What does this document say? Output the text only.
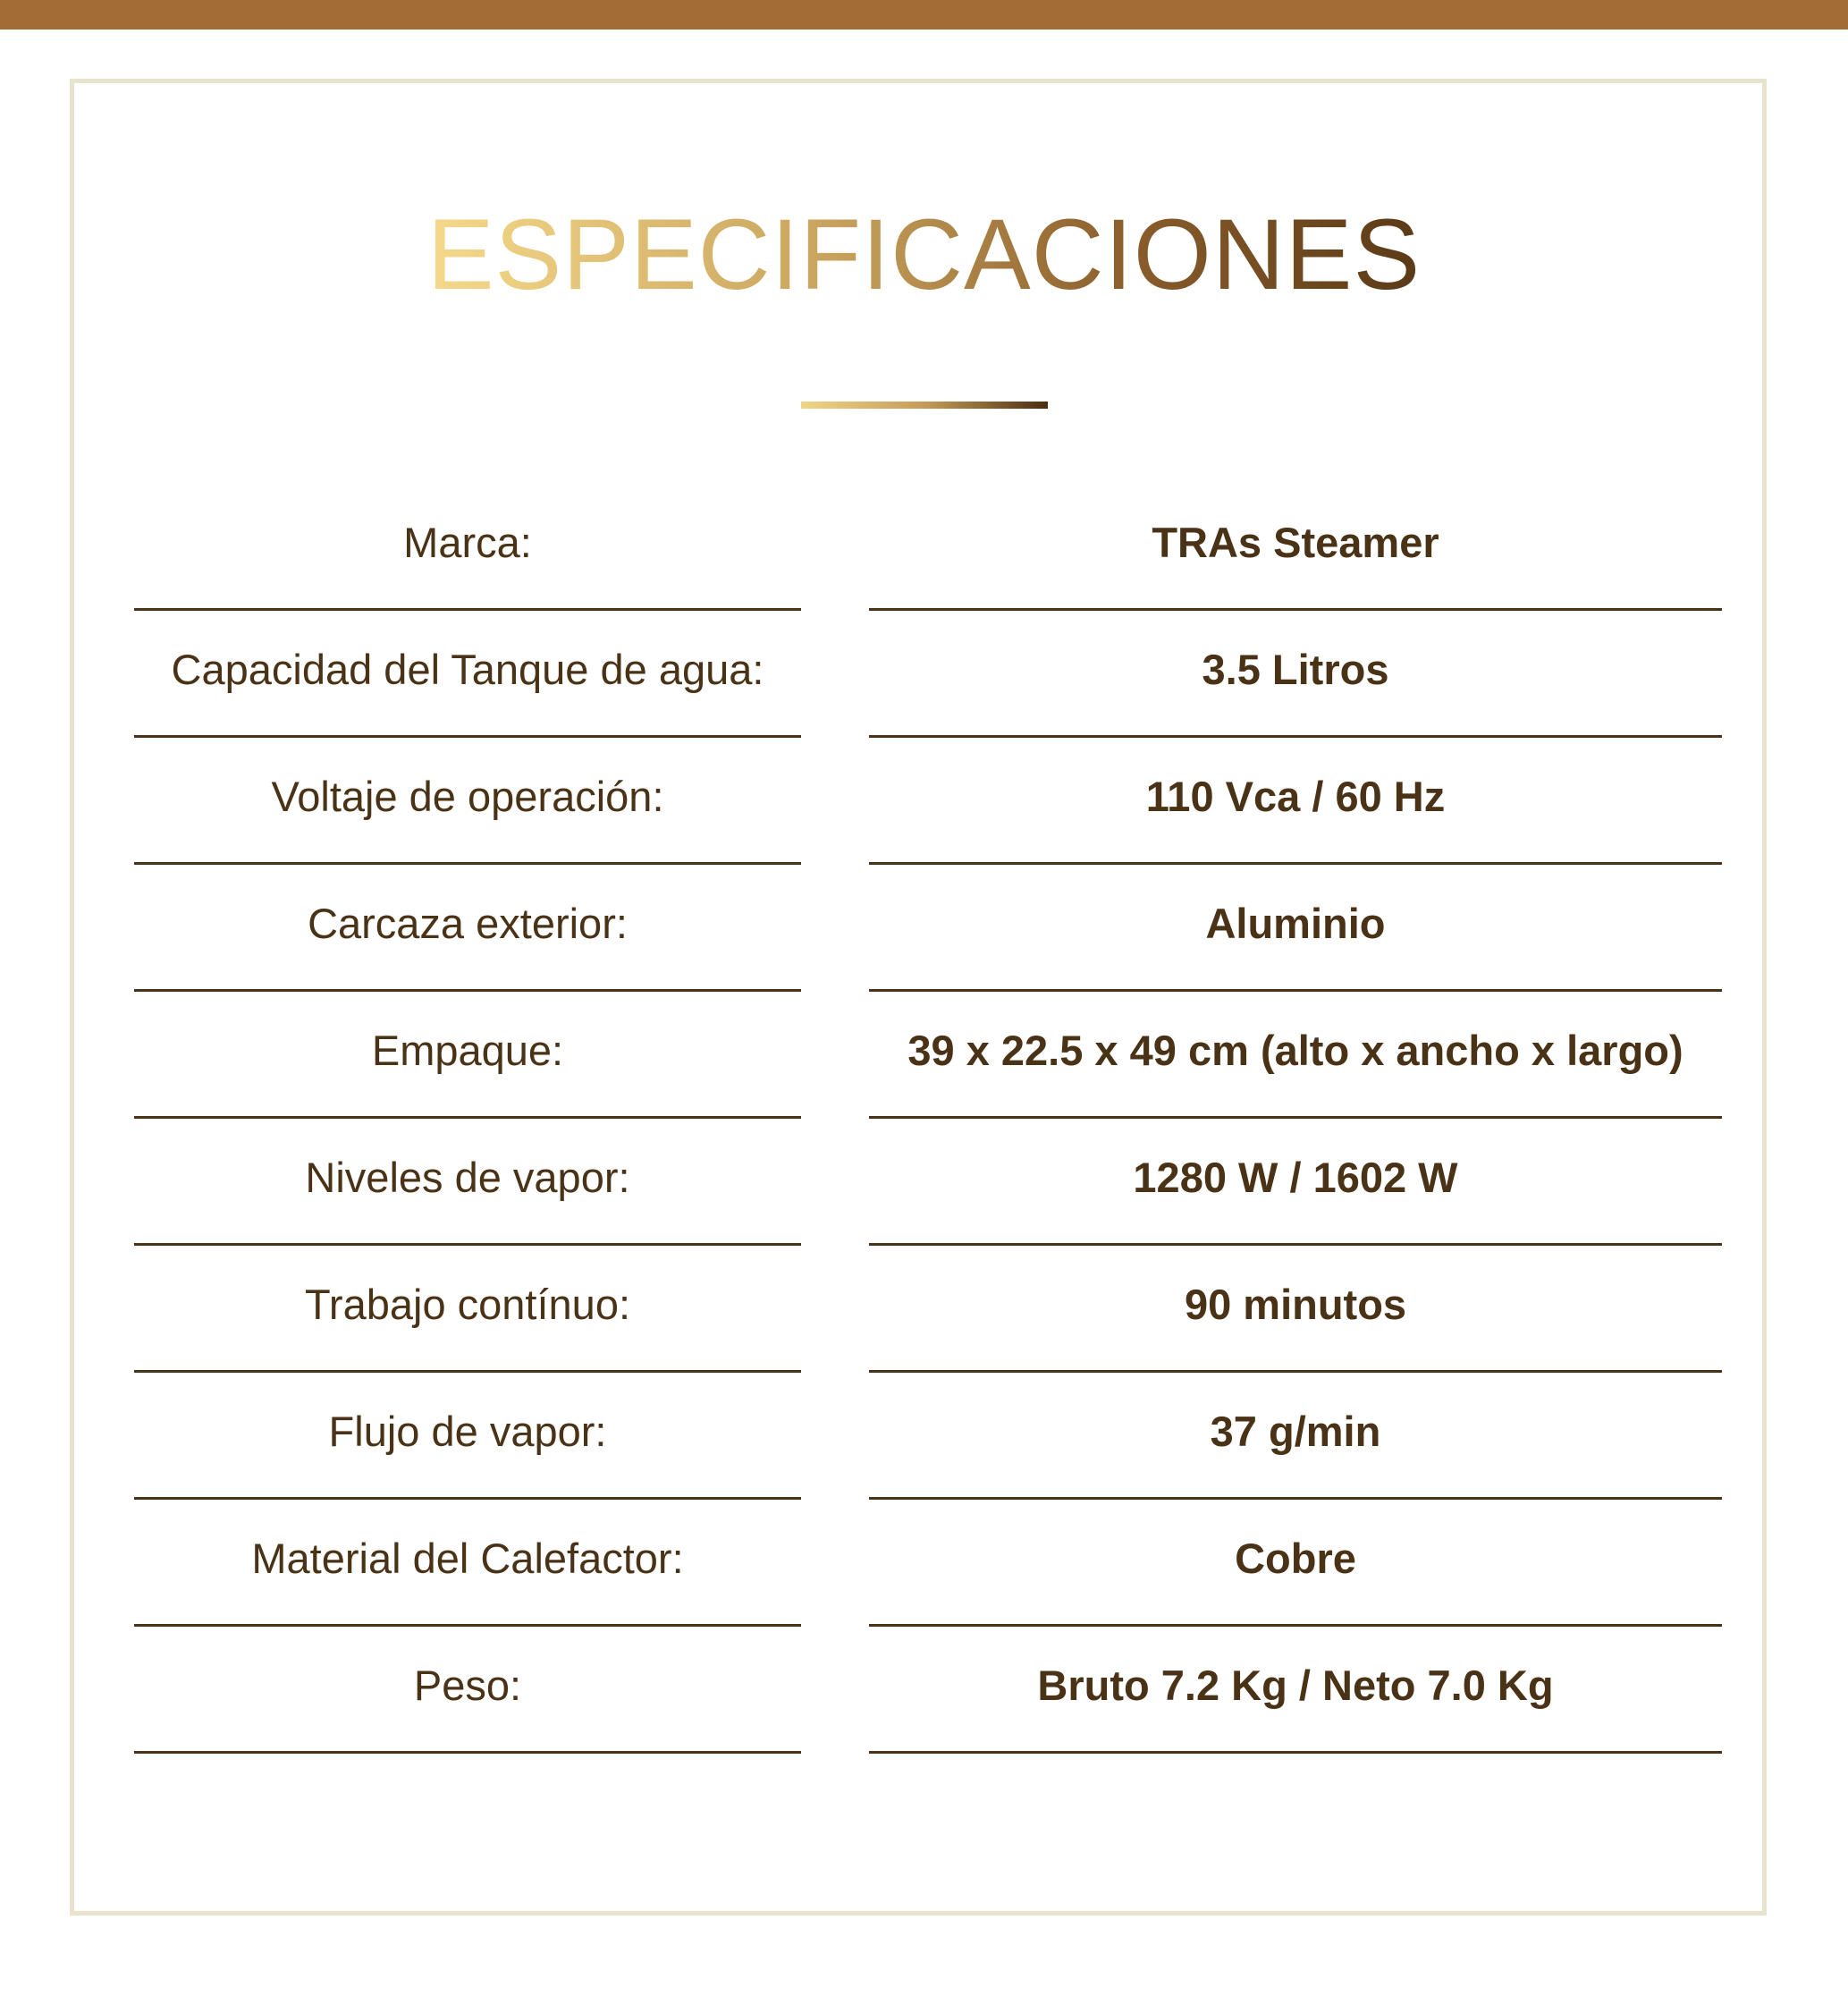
ESPECIFICACIONES
Marca:	TRAs Steamer
Capacidad del Tanque de agua:	3.5 Litros
Voltaje de operación:	110 Vca / 60 Hz
Carcaza exterior:	Aluminio
Empaque:	39 x 22.5 x 49 cm (alto x ancho x largo)
Niveles de vapor:	1280 W / 1602 W
Trabajo contínuo:	90 minutos
Flujo de vapor:	37 g/min
Material del Calefactor:	Cobre
Peso:	Bruto 7.2 Kg / Neto 7.0 Kg
